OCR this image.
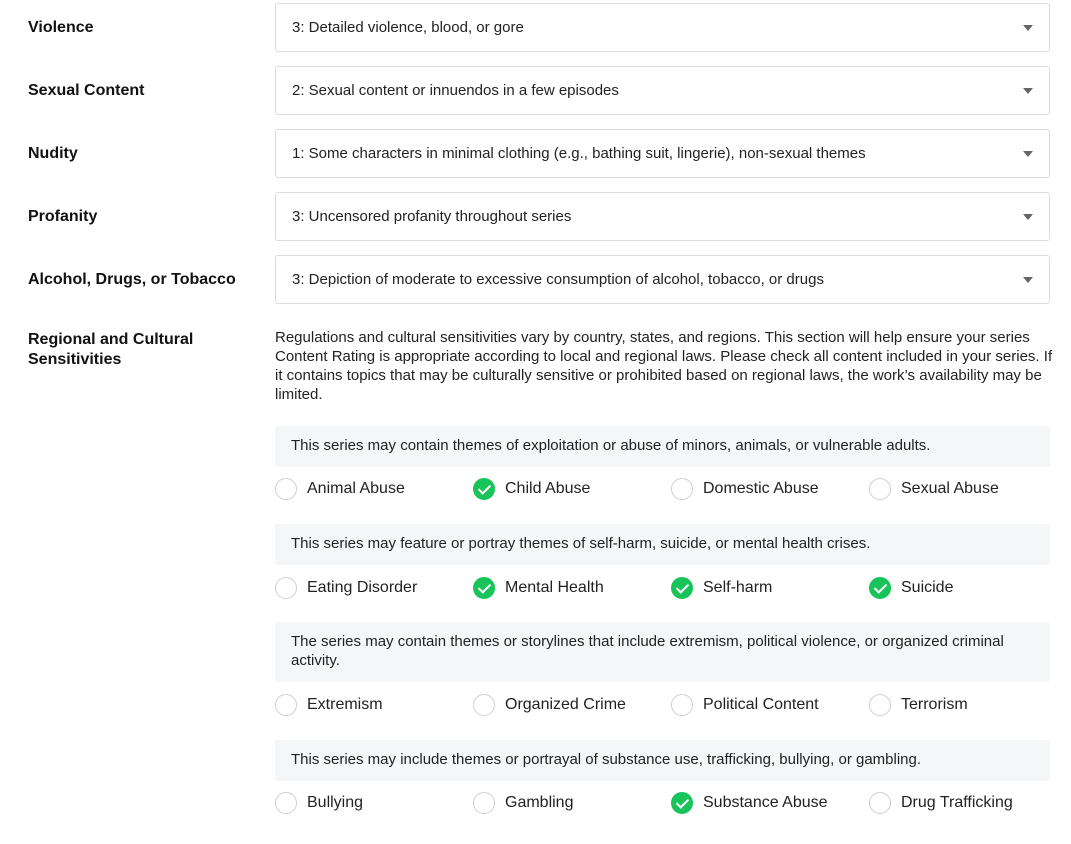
Violence	3: Detailed violence, blood, or gore
Sexual Content	2: Sexual content or innuendos in a few episodes
Nudity	1: Some characters in minimal clothing (e.g., bathing suit, lingerie), non-sexual themes
Profanity	3: Uncensored profanity throughout series
Alcohol, Drugs, or Tobacco	3: Depiction of moderate to excessive consumption of alcohol, tobacco, or drugs
Regional and Cultural Sensitivities
Regulations and cultural sensitivities vary by country, states, and regions. This section will help ensure your series Content Rating is appropriate according to local and regional laws. Please check all content included in your series. If it contains topics that may be culturally sensitive or prohibited based on regional laws, the work’s availability may be limited.
This series may contain themes of exploitation or abuse of minors, animals, or vulnerable adults.
Animal Abuse	Child Abuse	Domestic Abuse	Sexual Abuse
This series may feature or portray themes of self-harm, suicide, or mental health crises.
Eating Disorder	Mental Health	Self-harm	Suicide
The series may contain themes or storylines that include extremism, political violence, or organized criminal activity.
Extremism	Organized Crime	Political Content	Terrorism
This series may include themes or portrayal of substance use, trafficking, bullying, or gambling.
Bullying	Gambling	Substance Abuse	Drug Trafficking
